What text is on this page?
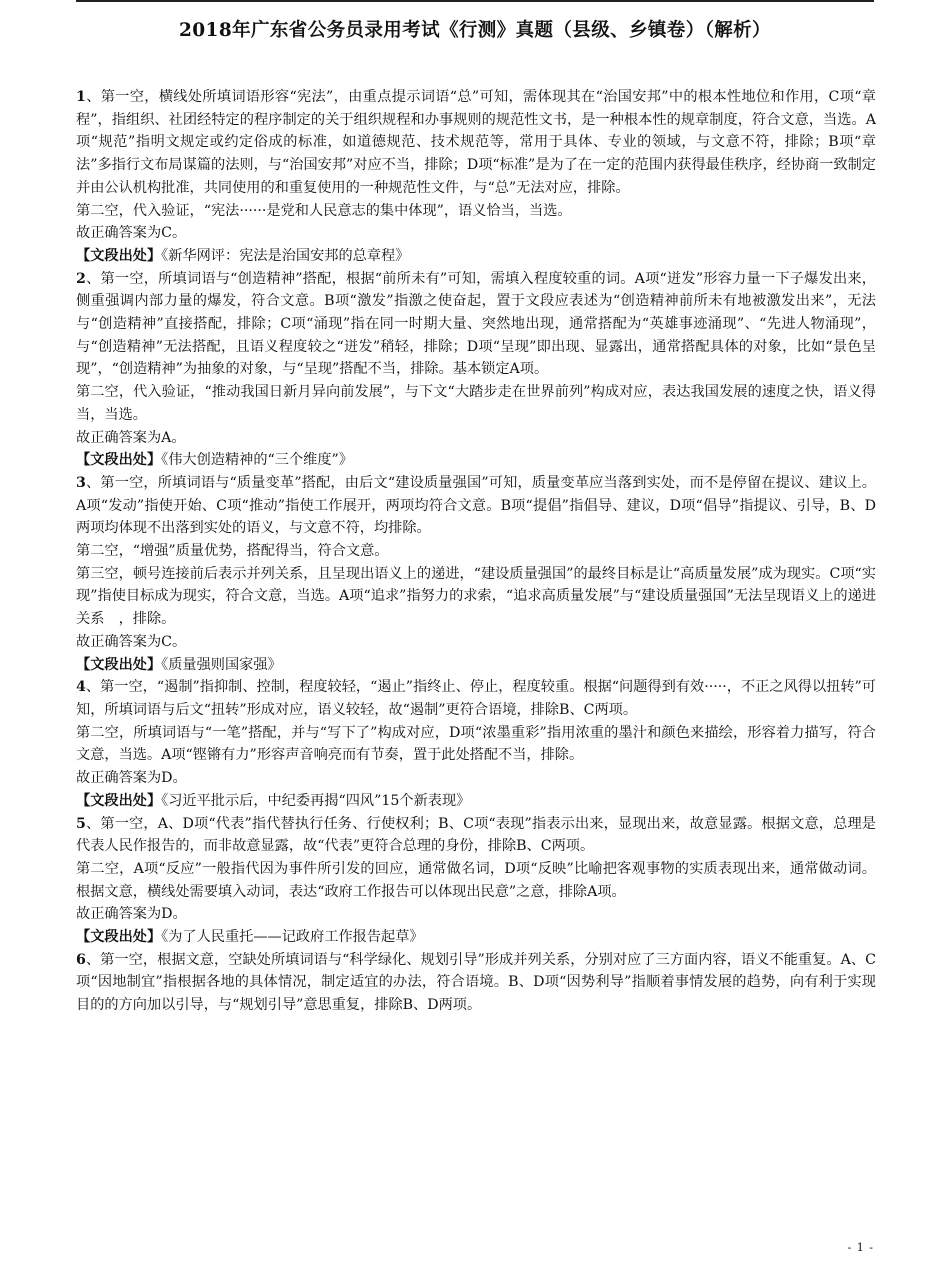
2018年广东省公务员录用考试《行测》真题（县级、乡镇卷）（解析）

1、第一空，横线处所填词语形容“宪法”，由重点提示词语“总”可知，需体现其在“治国安邦”中的根本性地位和作用，C项“章程”，指组织、社团经特定的程序制定的关于组织规程和办事规则的规范性文书，是一种根本性的规章制度，符合文意，当选。A项“规范”指明文规定或约定俗成的标准，如道德规范、技术规范等，常用于具体、专业的领域，与文意不符，排除；B项“章法”多指行文布局谋篇的法则，与“治国安邦”对应不当，排除；D项“标准”是为了在一定的范围内获得最佳秩序，经协商一致制定并由公认机构批准，共同使用的和重复使用的一种规范性文件，与“总”无法对应，排除。

第二空，代入验证，“宪法······是党和人民意志的集中体现”，语义恰当，当选。

故正确答案为C。

【文段出处】《新华网评：宪法是治国安邦的总章程》

2、第一空，所填词语与“创造精神”搭配，根据“前所未有”可知，需填入程度较重的词。A项“迸发”形容力量一下子爆发出来，侧重强调内部力量的爆发，符合文意。B项“激发”指激之使奋起，置于文段应表述为“创造精神前所未有地被激发出来”，无法与“创造精神”直接搭配，排除；C项“涌现”指在同一时期大量、突然地出现，通常搭配为“英雄事迹涌现”、“先进人物涌现”，与“创造精神”无法搭配，且语义程度较之“迸发”稍轻，排除；D项“呈现”即出现、显露出，通常搭配具体的对象，比如“景色呈现”，“创造精神”为抽象的对象，与“呈现”搭配不当，排除。基本锁定A项。

第二空，代入验证，“推动我国日新月异向前发展”，与下文“大踏步走在世界前列”构成对应，表达我国发展的速度之快，语义得当，当选。

故正确答案为A。

【文段出处】《伟大创造精神的“三个维度”》

3、第一空，所填词语与“质量变革”搭配，由后文“建设质量强国”可知，质量变革应当落到实处，而不是停留在提议、建议上。A项“发动”指使开始、C项“推动”指使工作展开，两项均符合文意。B项“提倡”指倡导、建议，D项“倡导”指提议、引导，B、D两项均体现不出落到实处的语义，与文意不符，均排除。

第二空，“增强”质量优势，搭配得当，符合文意。

第三空，顿号连接前后表示并列关系，且呈现出语义上的递进，“建设质量强国”的最终目标是让“高质量发展”成为现实。C项“实现”指使目标成为现实，符合文意，当选。A项“追求”指努力的求索，“追求高质量发展”与“建设质量强国”无法呈现语义上的递进关系　，排除。

故正确答案为C。

【文段出处】《质量强则国家强》

4、第一空，“遏制”指抑制、控制，程度较轻，“遏止”指终止、停止，程度较重。根据“问题得到有效·····，不正之风得以扭转”可知，所填词语与后文“扭转”形成对应，语义较轻，故“遏制”更符合语境，排除B、C两项。

第二空，所填词语与“一笔”搭配，并与“写下了”构成对应，D项“浓墨重彩”指用浓重的墨汁和颜色来描绘，形容着力描写，符合文意，当选。A项“铿锵有力”形容声音响亮而有节奏，置于此处搭配不当，排除。

故正确答案为D。

【文段出处】《习近平批示后，中纪委再揭“四风”15个新表现》

5、第一空，A、D项“代表”指代替执行任务、行使权利；B、C项“表现”指表示出来，显现出来，故意显露。根据文意，总理是代表人民作报告的，而非故意显露，故“代表”更符合总理的身份，排除B、C两项。

第二空，A项“反应”一般指代因为事件所引发的回应，通常做名词，D项“反映”比喻把客观事物的实质表现出来，通常做动词。根据文意，横线处需要填入动词，表达“政府工作报告可以体现出民意”之意，排除A项。

故正确答案为D。

【文段出处】《为了人民重托——记政府工作报告起草》

6、第一空，根据文意，空缺处所填词语与“科学绿化、规划引导”形成并列关系，分别对应了三方面内容，语义不能重复。A、C项“因地制宜”指根据各地的具体情况，制定适宜的办法，符合语境。B、D项“因势利导”指顺着事情发展的趋势，向有利于实现目的的方向加以引导，与“规划引导”意思重复，排除B、D两项。

- 1 -
